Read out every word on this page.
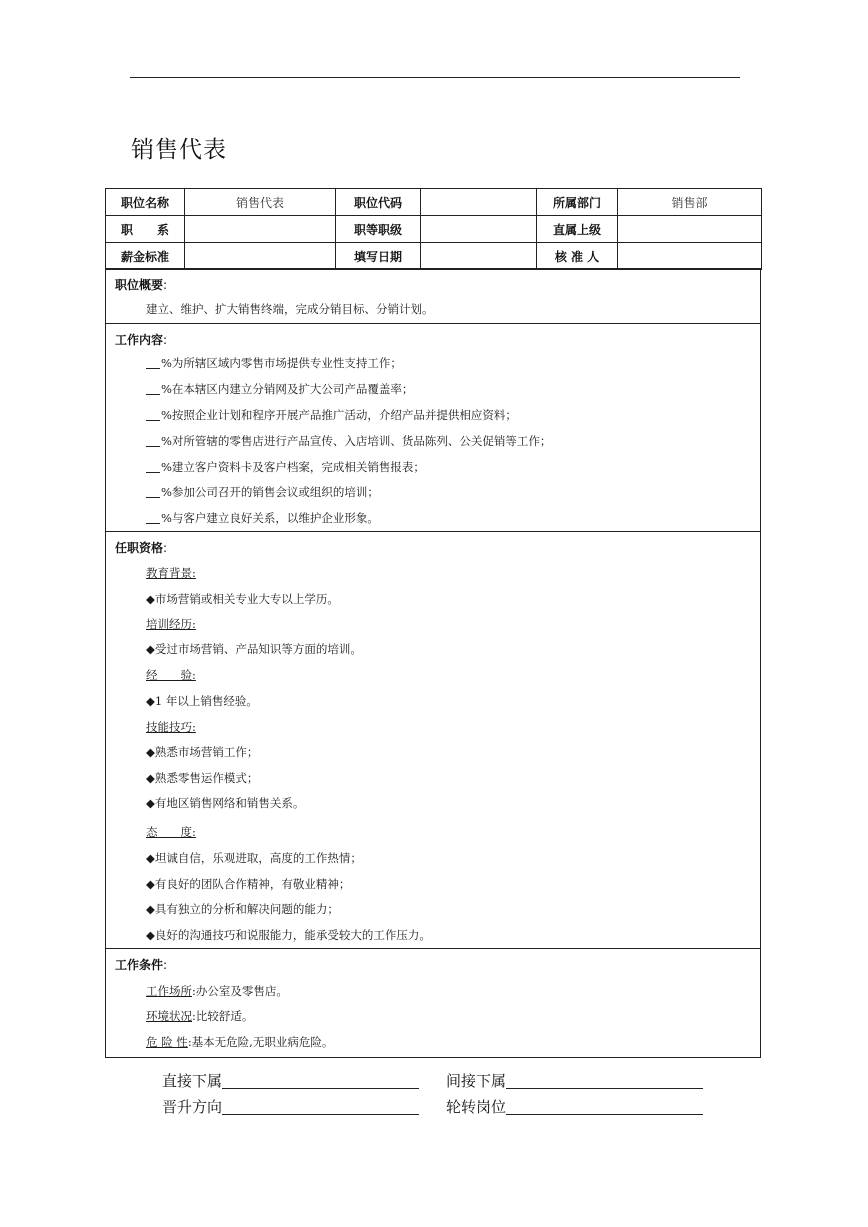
销售代表
职位名称	销售代表	职位代码		所属部门	销售部
职　　系		职等职级		直属上级	
薪金标准		填写日期		核 准 人	
职位概要:
建立、维护、扩大销售终端，完成分销目标、分销计划。
工作内容:
%为所辖区域内零售市场提供专业性支持工作；
%在本辖区内建立分销网及扩大公司产品覆盖率；
%按照企业计划和程序开展产品推广活动，介绍产品并提供相应资料；
%对所管辖的零售店进行产品宣传、入店培训、货品陈列、公关促销等工作；
%建立客户资料卡及客户档案，完成相关销售报表；
%参加公司召开的销售会议或组织的培训；
%与客户建立良好关系，以维护企业形象。
任职资格:
教育背景:
◆市场营销或相关专业大专以上学历。
培训经历:
◆受过市场营销、产品知识等方面的培训。
经　　验:
◆1 年以上销售经验。
技能技巧:
◆熟悉市场营销工作；
◆熟悉零售运作模式；
◆有地区销售网络和销售关系。
态　　度:
◆坦诚自信，乐观进取，高度的工作热情；
◆有良好的团队合作精神，有敬业精神；
◆具有独立的分析和解决问题的能力；
◆良好的沟通技巧和说服能力，能承受较大的工作压力。
工作条件:
工作场所:办公室及零售店。
环境状况:比较舒适。
危 险 性:基本无危险,无职业病危险。
直接下属	间接下属
晋升方向	轮转岗位
